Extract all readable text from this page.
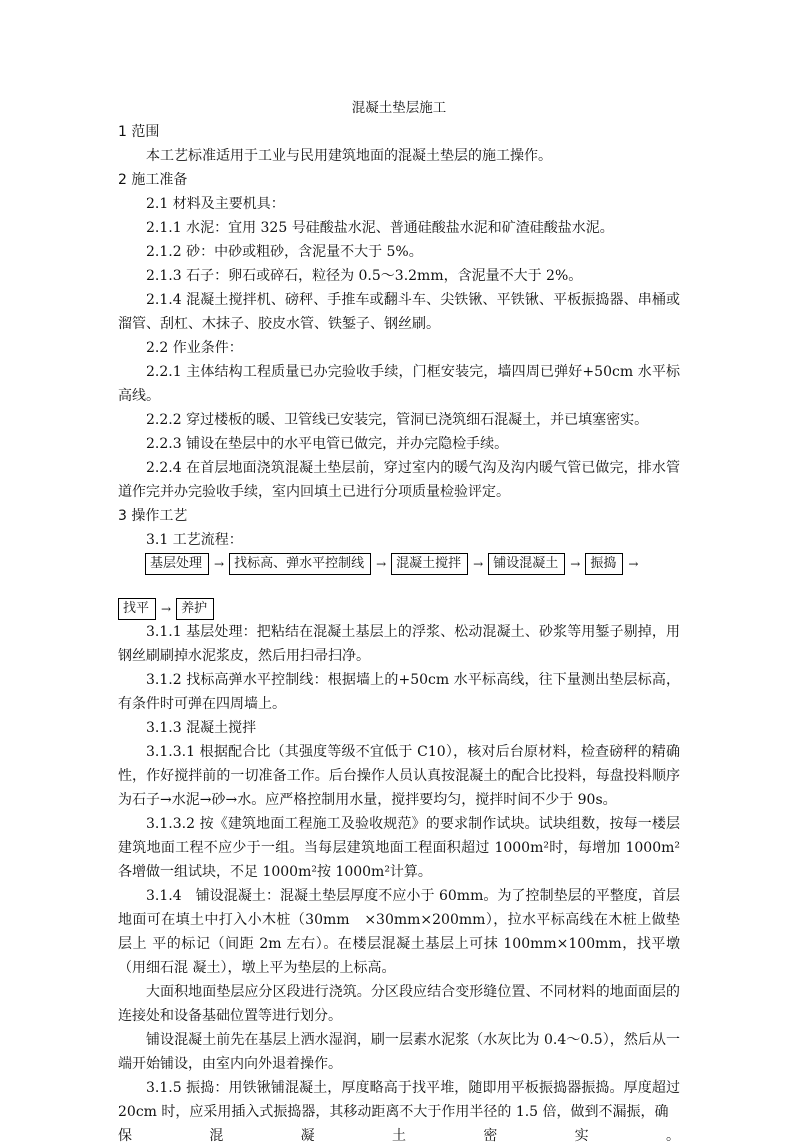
混凝土垫层施工
1 范围

本工艺标准适用于工业与民用建筑地面的混凝土垫层的施工操作。

2 施工准备

2.1 材料及主要机具：

2.1.1 水泥：宜用 325 号硅酸盐水泥、普通硅酸盐水泥和矿渣硅酸盐水泥。

2.1.2 砂：中砂或粗砂，含泥量不大于 5%。

2.1.3 石子：卵石或碎石，粒径为 0.5～3.2mm，含泥量不大于 2%。

2.1.4 混凝土搅拌机、磅秤、手推车或翻斗车、尖铁锹、平铁锹、平板振捣器、串桶或溜管、刮杠、木抹子、胶皮水管、铁錾子、钢丝刷。

2.2 作业条件：

2.2.1 主体结构工程质量已办完验收手续，门框安装完，墙四周已弹好+50cm 水平标高线。

2.2.2 穿过楼板的暖、卫管线已安装完，管洞已浇筑细石混凝土，并已填塞密实。

2.2.3 铺设在垫层中的水平电管已做完，并办完隐检手续。

2.2.4 在首层地面浇筑混凝土垫层前，穿过室内的暖气沟及沟内暖气管已做完，排水管道作完并办完验收手续，室内回填土已进行分项质量检验评定。

3 操作工艺

3.1 工艺流程：

基层处理	→ 找标高、弹水平控制线	→ 混凝土搅拌	→ 铺设混凝土	→ 振捣	→
找平	→ 养护

3.1.1 基层处理：把粘结在混凝土基层上的浮浆、松动混凝土、砂浆等用錾子剔掉，用钢丝刷刷掉水泥浆皮，然后用扫帚扫净。

3.1.2 找标高弹水平控制线：根据墙上的+50cm 水平标高线，往下量测出垫层标高，有条件时可弹在四周墙上。

3.1.3 混凝土搅拌

3.1.3.1 根据配合比（其强度等级不宜低于 C10），核对后台原材料，检查磅秤的精确 性，作好搅拌前的一切准备工作。后台操作人员认真按混凝土的配合比投料，每盘投料顺序 为石子→水泥→砂→水。应严格控制用水量，搅拌要均匀，搅拌时间不少于 90s。

3.1.3.2 按《建筑地面工程施工及验收规范》的要求制作试块。试块组数，按每一楼层建筑地面工程不应少于一组。当每层建筑地面工程面积超过 1000m²时，每增加 1000m²各增做一组试块，不足 1000m²按 1000m²计算。

3.1.4　铺设混凝土：混凝土垫层厚度不应小于 60mm。为了控制垫层的平整度，首层地面可在填土中打入小木桩（30mm　×30mm×200mm），拉水平标高线在木桩上做垫层上 平的标记（间距 2m 左右）。在楼层混凝土基层上可抹 100mm×100mm，找平墩（用细石混 凝土），墩上平为垫层的上标高。

大面积地面垫层应分区段进行浇筑。分区段应结合变形缝位置、不同材料的地面面层的连接处和设备基础位置等进行划分。

铺设混凝土前先在基层上洒水湿润，刷一层素水泥浆（水灰比为 0.4～0.5），然后从一端开始铺设，由室内向外退着操作。

3.1.5 振捣：用铁锹铺混凝土，厚度略高于找平堆，随即用平板振捣器振捣。厚度超过 20cm 时，应采用插入式振捣器，其移动距离不大于作用半径的 1.5 倍，做到不漏振，确

保	混	凝	土	密	实	。
